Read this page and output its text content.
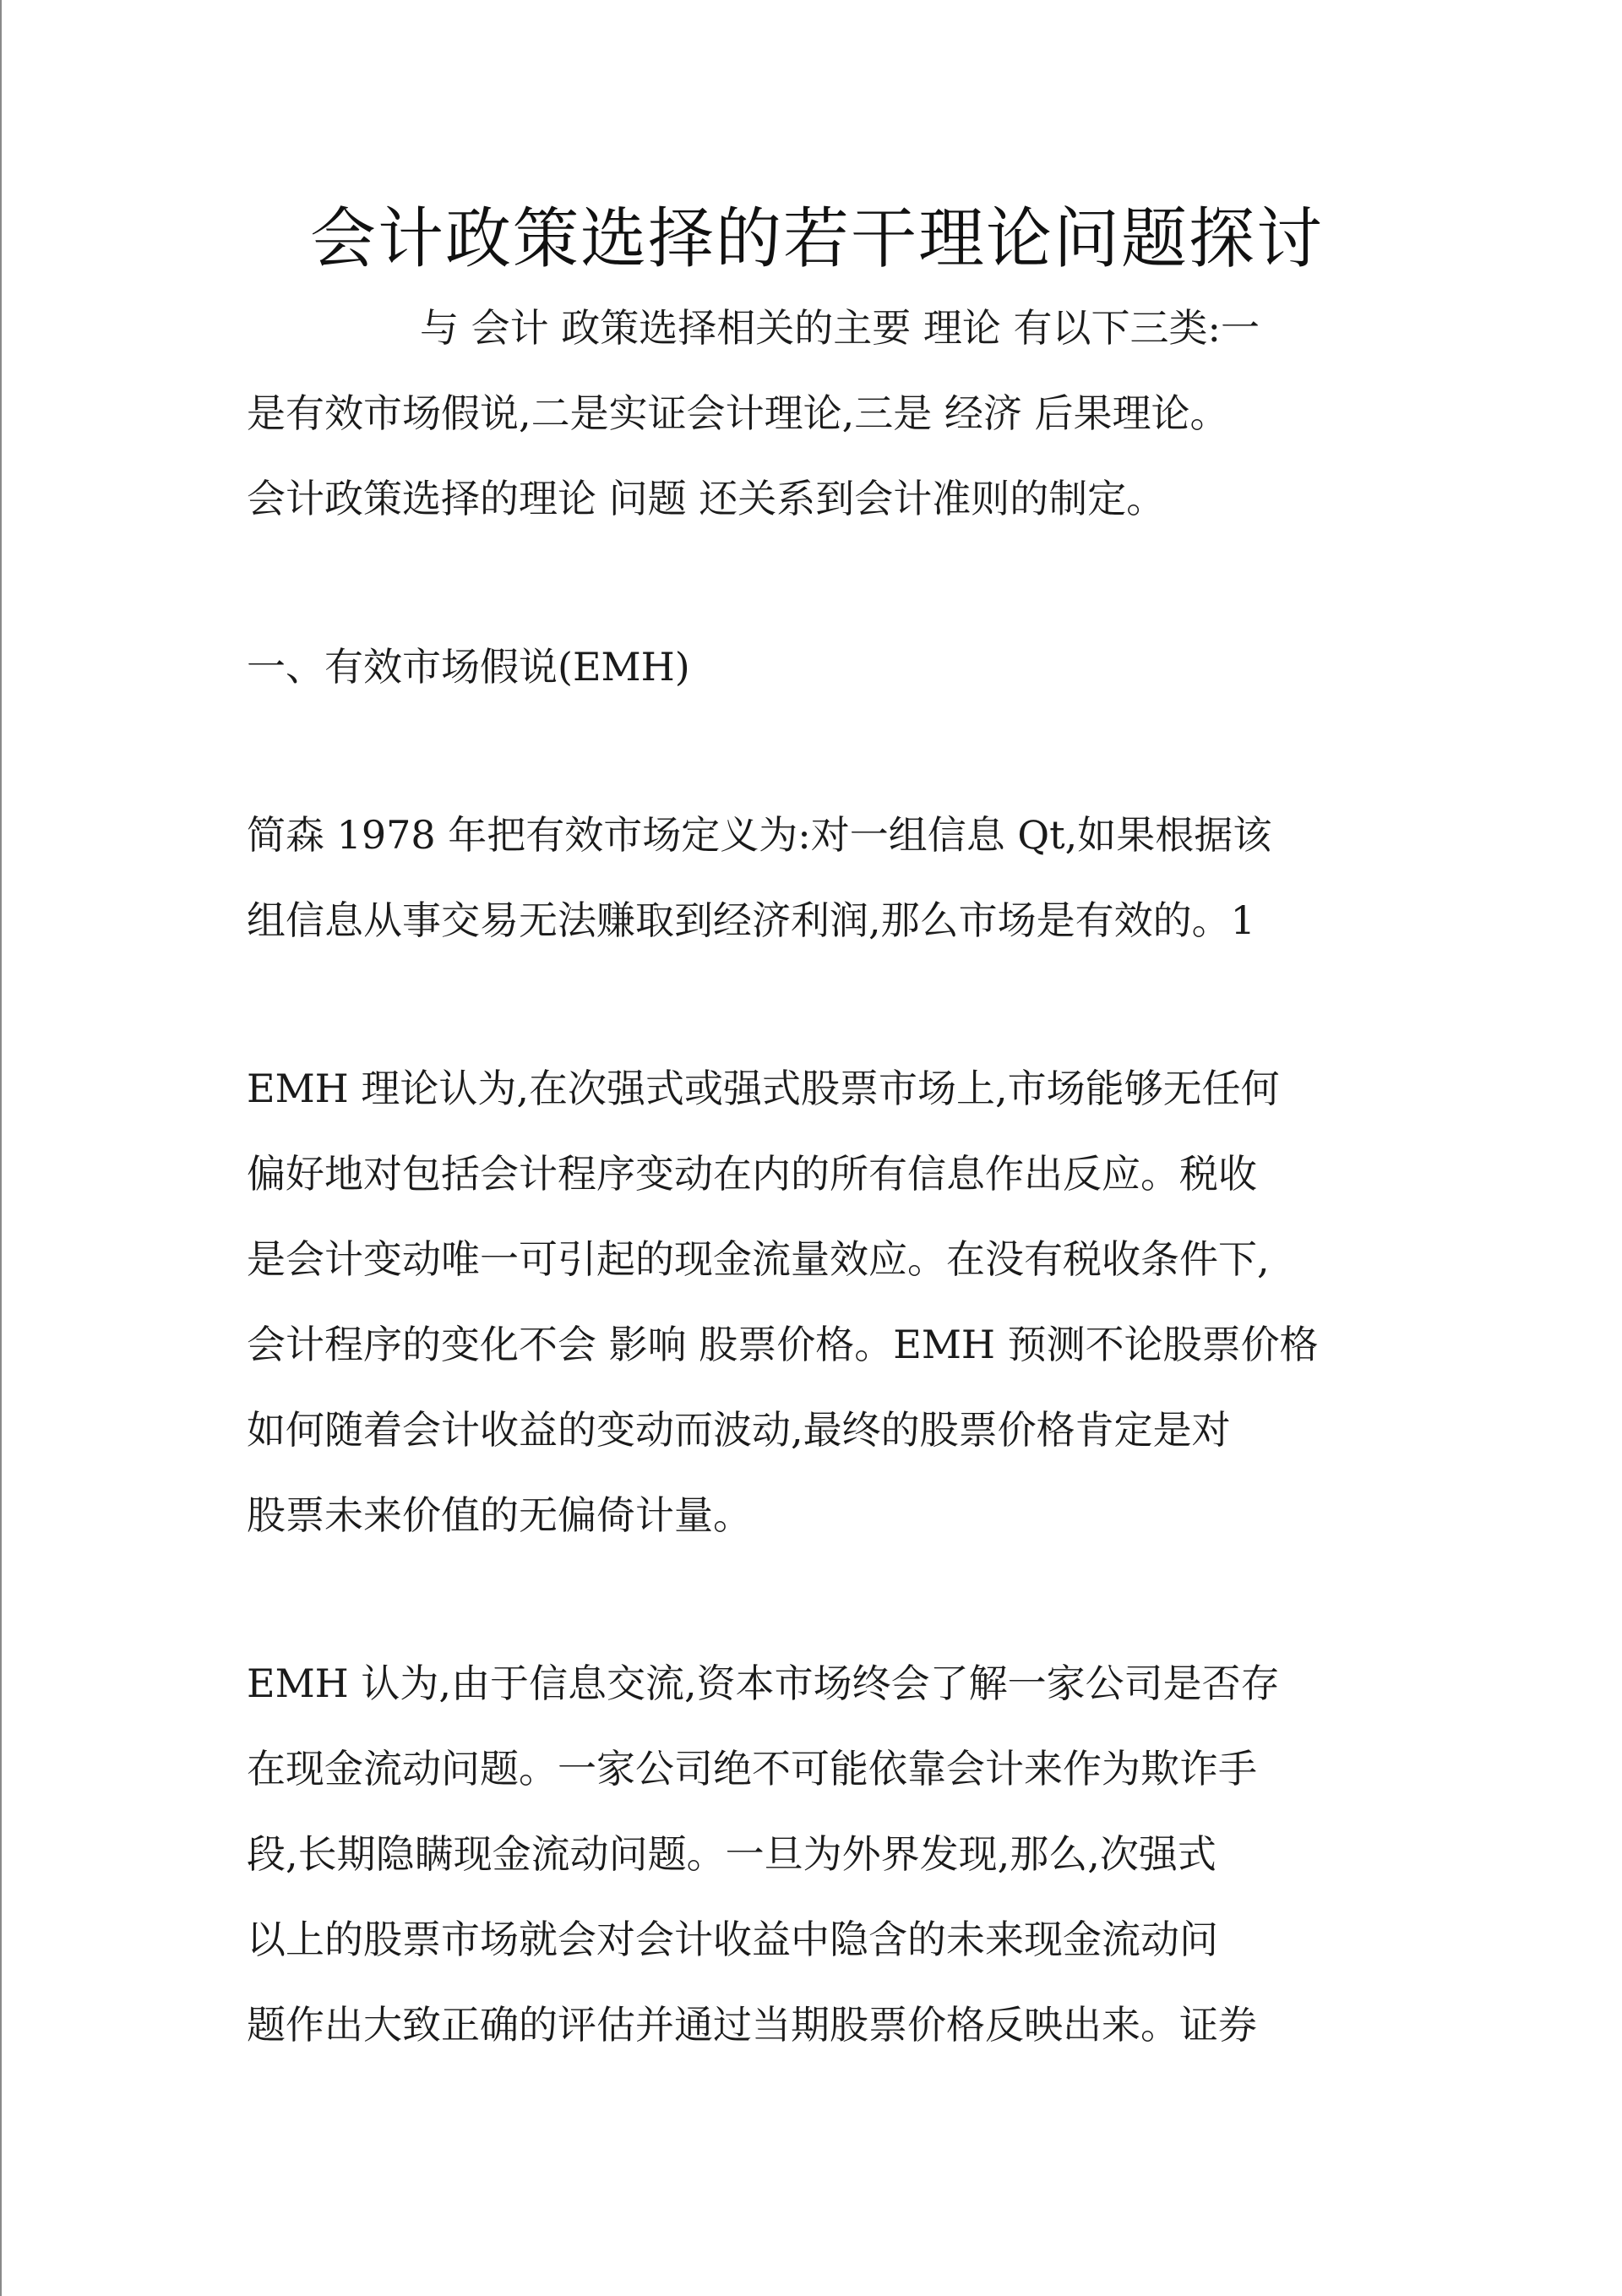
会计政策选择的若干理论问题探讨

与 会计 政策选择相关的主要 理论 有以下三类:一
是有效市场假说,二是实证会计理论,三是 经济 后果理论。
会计政策选择的理论 问题 还关系到会计准则的制定。

一、有效市场假说(EMH)

简森 1978 年把有效市场定义为:对一组信息 Qt,如果根据该
组信息从事交易无法赚取到经济利润,那么市场是有效的。1

EMH 理论认为,在次强式或强式股票市场上,市场能够无任何
偏好地对包括会计程序变动在内的所有信息作出反应。税收
是会计变动唯一可引起的现金流量效应。在没有税收条件下,
会计程序的变化不会 影响 股票价格。EMH 预测不论股票价格
如何随着会计收益的变动而波动,最终的股票价格肯定是对
股票未来价值的无偏倚计量。

EMH 认为,由于信息交流,资本市场终会了解一家公司是否存
在现金流动问题。一家公司绝不可能依靠会计来作为欺诈手
段,长期隐瞒现金流动问题。一旦为外界发现,那么,次强式
以上的股票市场就会对会计收益中隐含的未来现金流动问
题作出大致正确的评估并通过当期股票价格反映出来。证券
